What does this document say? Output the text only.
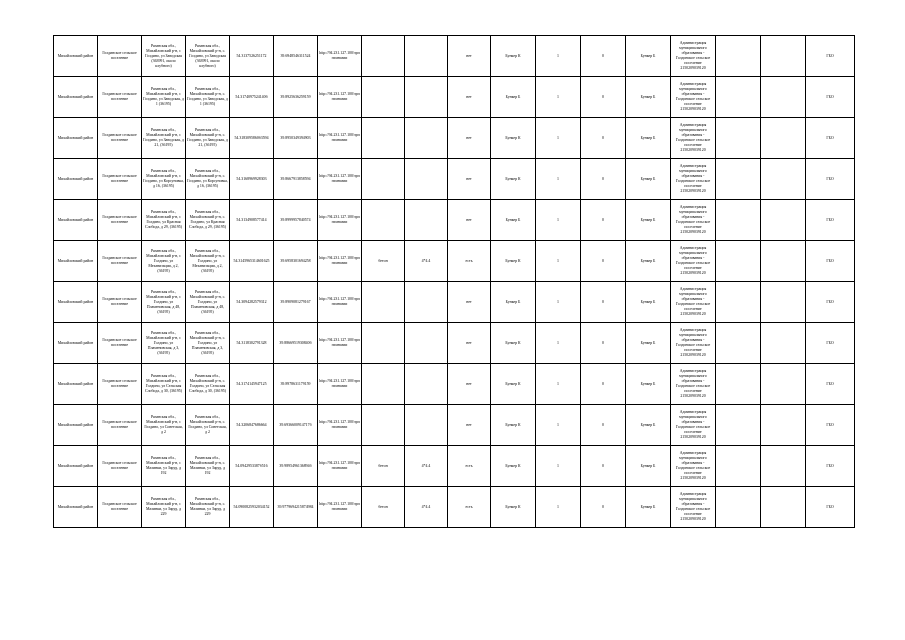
Михайловский район	Голдинское сельское поселение	Рязанская обл., Михайловский р-н, с Голдино, ул Заводская (363991, около клубного)	Рязанская обл., Михайловский р-н, с. Голдино, ул Заводская (363991, около клубного)	54.3137526251172	39.6948546311524	http://94.231.127.100/эрп гимназии			нет	Бункер К	1	0	Бункер Б	Администрация муниципального образования - Голдинское сельское поселение 2150209039120			ГБО
Михайловский район	Голдинское сельское поселение	Рязанская обл., Михайловский р-н, с Голдино, ул Заводская, д 1 (36195)	Рязанская обл., Михайловский р-н, с. Голдино, ул Заводская, д 1 (36195)	54.3174097524140б	39.8925636259159	http://94.231.127.100/эрп гимназии			нет	Бункер Б	1	0	Бункер Б	Администрация муниципального образования - Голдинское сельское поселение 2150209039120			ГБО
Михайловский район	Голдинское сельское поселение	Рязанская обл., Михайловский р-н, с Голдино, ул Заводская, д 21, (36195)	Рязанская обл., Михайловский р-н, с. Голдино, ул Заводская, д 21, (36195)	54.3183095860б3594	39.8950349394903	http://94.231.127.100/эрп гимназии			нет	Бункер К	1	0	Бункер Б	Администрация муниципального образования - Голдинское сельское поселение 2150209039120			ГБО
Михайловский район	Голдинское сельское поселение	Рязанская обл., Михайловский р-н, с Голдино, ул Корсуновка, д 16, (36195)	Рязанская обл., Михайловский р-н, с. Голдино, ул Корсуновка, д 16, (36195)	54.3168969928303	39.8667913858594	http://94.231.127.100/эрп гимназии			нет	Бункер К	1	0	Бункер Б	Администрация муниципального образования - Голдинское сельское поселение 2150209039120			ГБО
Михайловский район	Голдинское сельское поселение	Рязанская обл., Михайловский р-н, с Голдино, ул Красная Слобода, д 29, (36195)	Рязанская обл., Михайловский р-н, с. Голдино, ул Красная Слобода, д 29, (36195)	54.3134908577414	39.8999957840574	http://94.231.127.100/эрп гимназии			нет	Бункер Б	1	0	Бункер Б	Администрация муниципального образования - Голдинское сельское поселение 2150209039120			ГБО
Михайловский район	Голдинское сельское поселение	Рязанская обл., Михайловский р-н, с Голдино, ул Механизации, д 2, (36195)	Рязанская обл., Михайловский р-н, с. Голдино, ул Механизации, д 2, (36195)	54.3145965314601625	39.6958301694258	http://94.231.127.100/эрп гимназии	бетон	4*4.4	есть	Бункер К	1	0	Бункер Б	Администрация муниципального образования - Голдинское сельское поселение 2150209039120			ГБО
Михайловский район	Голдинское сельское поселение	Рязанская обл., Михайловский р-н, с Голдино, ул Пламеновская, д 48, (36195)	Рязанская обл., Михайловский р-н, с. Голдино, ул Пламеновская, д 48, (36195)	54.3094282579312	39.8909081279167	http://94.231.127.100/эрп гимназии			нет	Бункер Б	1	0	Бункер Б	Администрация муниципального образования - Голдинское сельское поселение 2150209039120			ГБО
Михайловский район	Голдинское сельское поселение	Рязанская обл., Михайловский р-н, с Голдино, ул Пламеновская, д 3, (36195)	Рязанская обл., Михайловский р-н, с. Голдино, ул Пламеновская, д 3, (36195)	54.3118302791328	39.8866951930840б	http://94.231.127.100/эрп гимназии			нет	Бункер К	1	0	Бункер Б	Администрация муниципального образования - Голдинское сельское поселение 2150209039120			ГБО
Михайловский район	Голдинское сельское поселение	Рязанская обл., Михайловский р-н, с Голдино, ул Сельская Слобода, д 30, (36195)	Рязанская обл., Михайловский р-н, с. Голдино, ул Сельская Слобода, д 30, (36195)	54.3174145947125	39.8978631179159	http://94.231.127.100/эрп гимназии			нет	Бункер К	1	0	Бункер Б	Администрация муниципального образования - Голдинское сельское поселение 2150209039120			ГБО
Михайловский район	Голдинское сельское поселение	Рязанская обл., Михайловский р-н, с Голдино, ул Советская, д 2	Рязанская обл., Михайловский р-н, с. Голдино, ул Советская, д 2	54.3206847686664	39.6936600914717б	http://94.231.127.100/эрп гимназии			нет	Бункер К	1	0	Бункер Б	Администрация муниципального образования - Голдинское сельское поселение 2150209039120			ГБО
Михайловский район	Голдинское сельское поселение	Рязанская обл., Михайловский р-н, с Малинки, ул Заруд, д 192	Рязанская обл., Михайловский р-н, с. Малинки, ул Заруд, д 192	54.0942953387б516	39.9895496136894б	http://94.231.127.100/эрп гимназии	бетон	4*4.4	есть	Бункер К	1	0	Бункер Б	Администрация муниципального образования - Голдинское сельское поселение 2150209039120			ГБО
Михайловский район	Голдинское сельское поселение	Рязанская обл., Михайловский р-н, с Малинки, ул Заруд, д 229	Рязанская обл., Михайловский р-н, с. Малинки, ул Заруд, д 229	54.0900825932034152	39.9779694215874984	http://94.231.127.100/эрп гимназии	бетон	4*4.4	есть	Бункер К	1	0	Бункер Б	Администрация муниципального образования - Голдинское сельское поселение 2150209039120			ГБО
